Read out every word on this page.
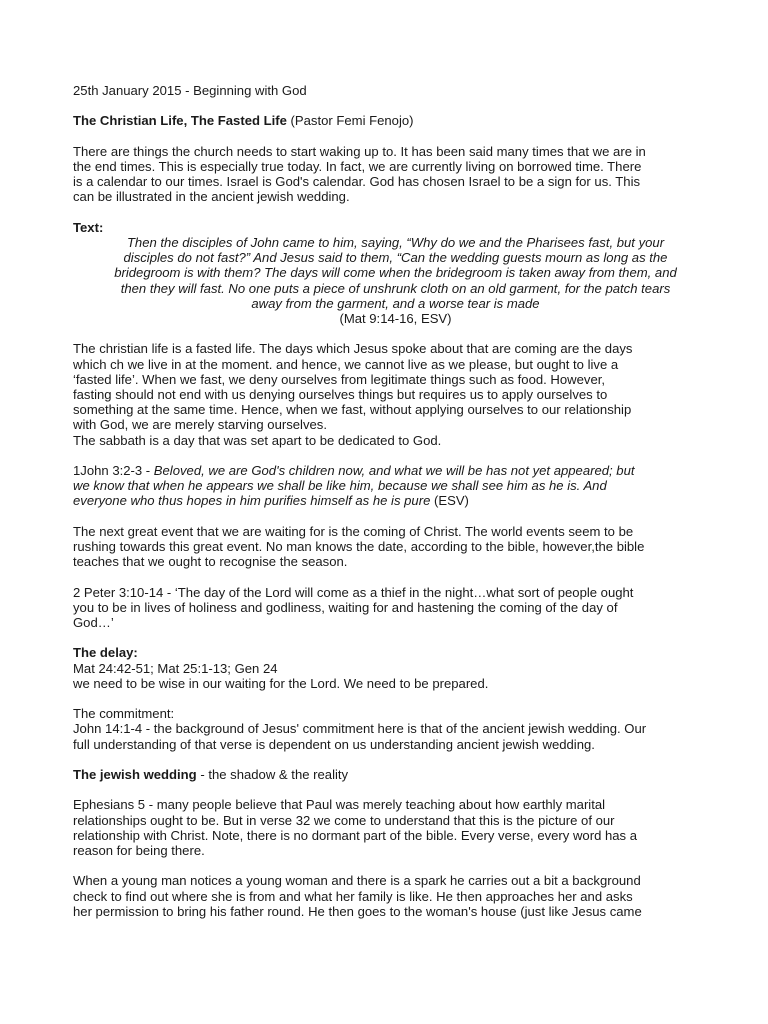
25th January 2015 - Beginning with God

The Christian Life, The Fasted Life (Pastor Femi Fenojo)

There are things the church needs to start waking up to. It has been said many times that we are in

the end times. This is especially true today. In fact, we are currently living on borrowed time. There

is a calendar to our times. Israel is God's calendar. God has chosen Israel to be a sign for us. This

can be illustrated in the ancient jewish wedding.

Text:

Then the disciples of John came to him, saying, “Why do we and the Pharisees fast, but your

disciples do not fast?” And Jesus said to them, “Can the wedding guests mourn as long as the

bridegroom is with them? The days will come when the bridegroom is taken away from them, and

then they will fast. No one puts a piece of unshrunk cloth on an old garment, for the patch tears

away from the garment, and a worse tear is made

(Mat 9:14-16, ESV)

The christian life is a fasted life. The days which Jesus spoke about that are coming are the days

which ch we live in at the moment. and hence, we cannot live as we please, but ought to live a

‘fasted life’. When we fast, we deny ourselves from legitimate things such as food. However,

fasting should not end with us denying ourselves things but requires us to apply ourselves to

something at the same time. Hence, when we fast, without applying ourselves to our relationship

with God, we are merely starving ourselves.

The sabbath is a day that was set apart to be dedicated to God.

1John 3:2-3 - Beloved, we are God's children now, and what we will be has not yet appeared; but

we know that when he appears we shall be like him, because we shall see him as he is. And

everyone who thus hopes in him purifies himself as he is pure (ESV)

The next great event that we are waiting for is the coming of Christ. The world events seem to be

rushing towards this great event. No man knows the date, according to the bible, however,the bible

teaches that we ought to recognise the season.

2 Peter 3:10-14 - ‘The day of the Lord will come as a thief in the night…what sort of people ought

you to be in lives of holiness and godliness, waiting for and hastening the coming of the day of

God…’

The delay:

Mat 24:42-51; Mat 25:1-13; Gen 24

we need to be wise in our waiting for the Lord. We need to be prepared.

The commitment:

John 14:1-4 - the background of Jesus' commitment here is that of the ancient jewish wedding. Our

full understanding of that verse is dependent on us understanding ancient jewish wedding.

The jewish wedding - the shadow & the reality

Ephesians 5 - many people believe that Paul was merely teaching about how earthly marital

relationships ought to be. But in verse 32 we come to understand that this is the picture of our

relationship with Christ. Note, there is no dormant part of the bible. Every verse, every word has a

reason for being there.

When a young man notices a young woman and there is a spark he carries out a bit a background

check to find out where she is from and what her family is like. He then approaches her and asks

her permission to bring his father round. He then goes to the woman's house (just like Jesus came
